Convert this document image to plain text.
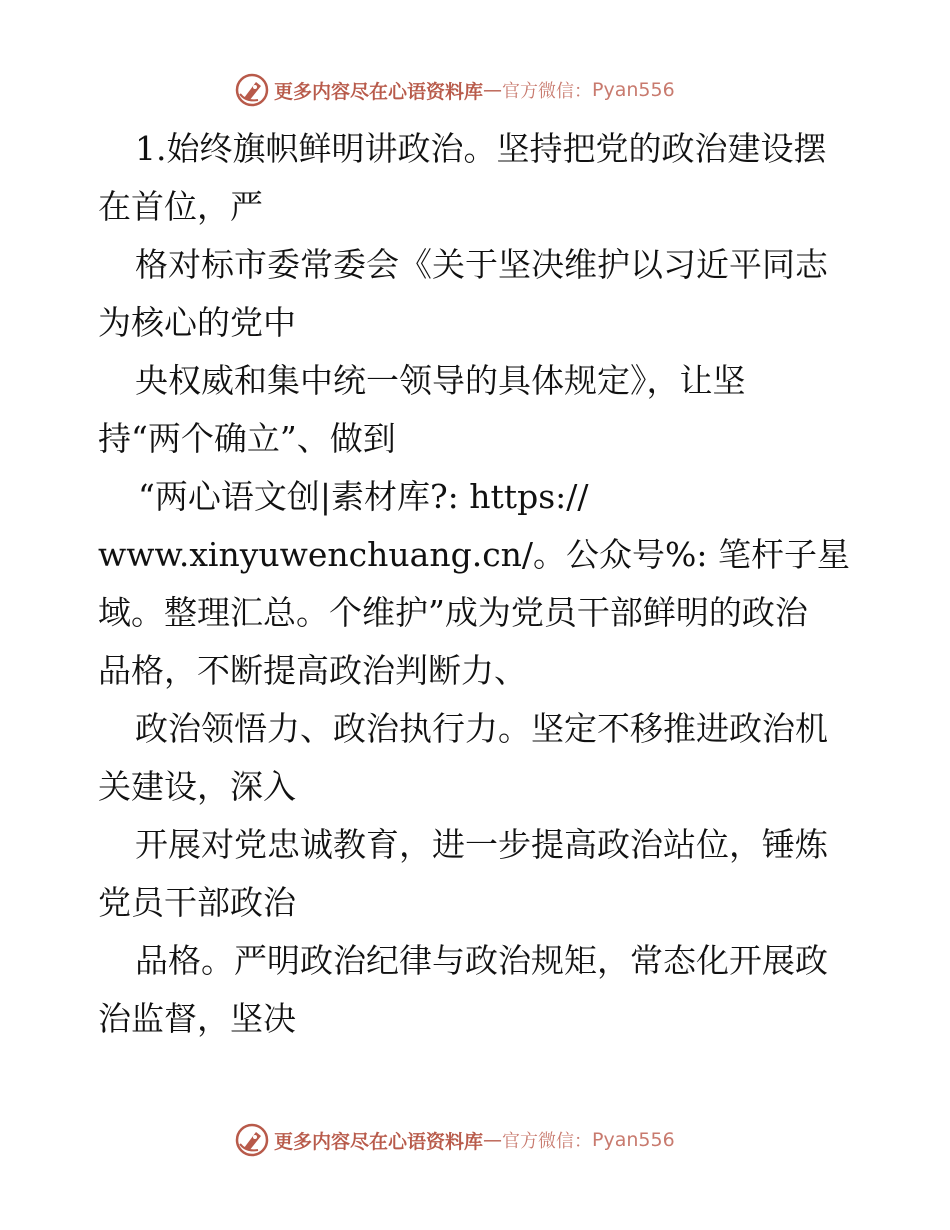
更多内容尽在心语资料库 — 官方微信： Pyan556
1.始终旗帜鲜明讲政治。坚持把党的政治建设摆
在首位，严
格对标市委常委会《关于坚决维护以习近平同志
为核心的党中
央权威和集中统一领导的具体规定》，让坚
持“两个确立”、做到
“两心语文创|素材库?: https://
www.xinyuwenchuang.cn/。公众号%: 笔杆子星
域。整理汇总。个维护”成为党员干部鲜明的政治
品格，不断提高政治判断力、
政治领悟力、政治执行力。坚定不移推进政治机
关建设，深入
开展对党忠诚教育，进一步提高政治站位，锤炼
党员干部政治
品格。严明政治纪律与政治规矩，常态化开展政
治监督，坚决
更多内容尽在心语资料库 — 官方微信： Pyan556
